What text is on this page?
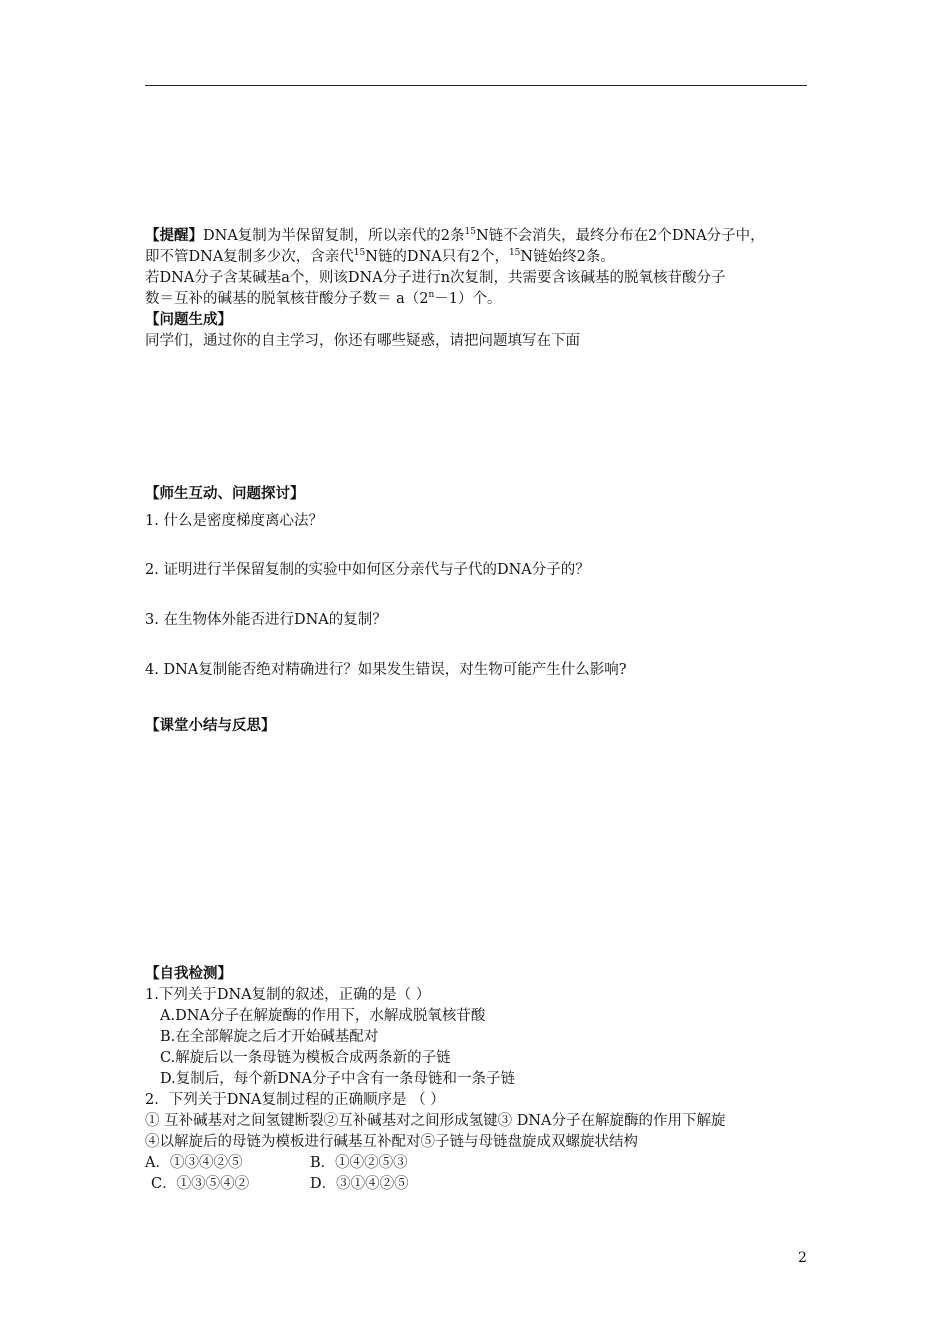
【提醒】DNA复制为半保留复制，所以亲代的2条$^{15}$N链不会消失，最终分布在2个DNA分子中，
即不管DNA复制多少次，含亲代$^{15}$N链的DNA只有2个，$^{15}$N链始终2条。
若DNA分子含某碱基a个，则该DNA分子进行n次复制，共需要含该碱基的脱氧核苷酸分子
数＝互补的碱基的脱氧核苷酸分子数＝ $a(2^n-1)$个。
【问题生成】
同学们，通过你的自主学习，你还有哪些疑惑，请把问题填写在下面
【师生互动、问题探讨】
1. 什么是密度梯度离心法？
2. 证明进行半保留复制的实验中如何区分亲代与子代的DNA分子的？
3. 在生物体外能否进行DNA的复制？
4. DNA复制能否绝对精确进行？如果发生错误，对生物可能产生什么影响?
【课堂小结与反思】
【自我检测】
1.下列关于DNA复制的叙述，正确的是（ ）
A.DNA分子在解旋酶的作用下，水解成脱氧核苷酸
B.在全部解旋之后才开始碱基配对
C.解旋后以一条母链为模板合成两条新的子链
D.复制后，每个新DNA分子中含有一条母链和一条子链
2．下列关于DNA复制过程的正确顺序是 （ ）
① 互补碱基对之间氢键断裂②互补碱基对之间形成氢键③ DNA分子在解旋酶的作用下解旋
④以解旋后的母链为模板进行碱基互补配对⑤子链与母链盘旋成双螺旋状结构
A．①③④②⑤	B．①④②⑤③
C．①③⑤④②	D．③①④②⑤
2
